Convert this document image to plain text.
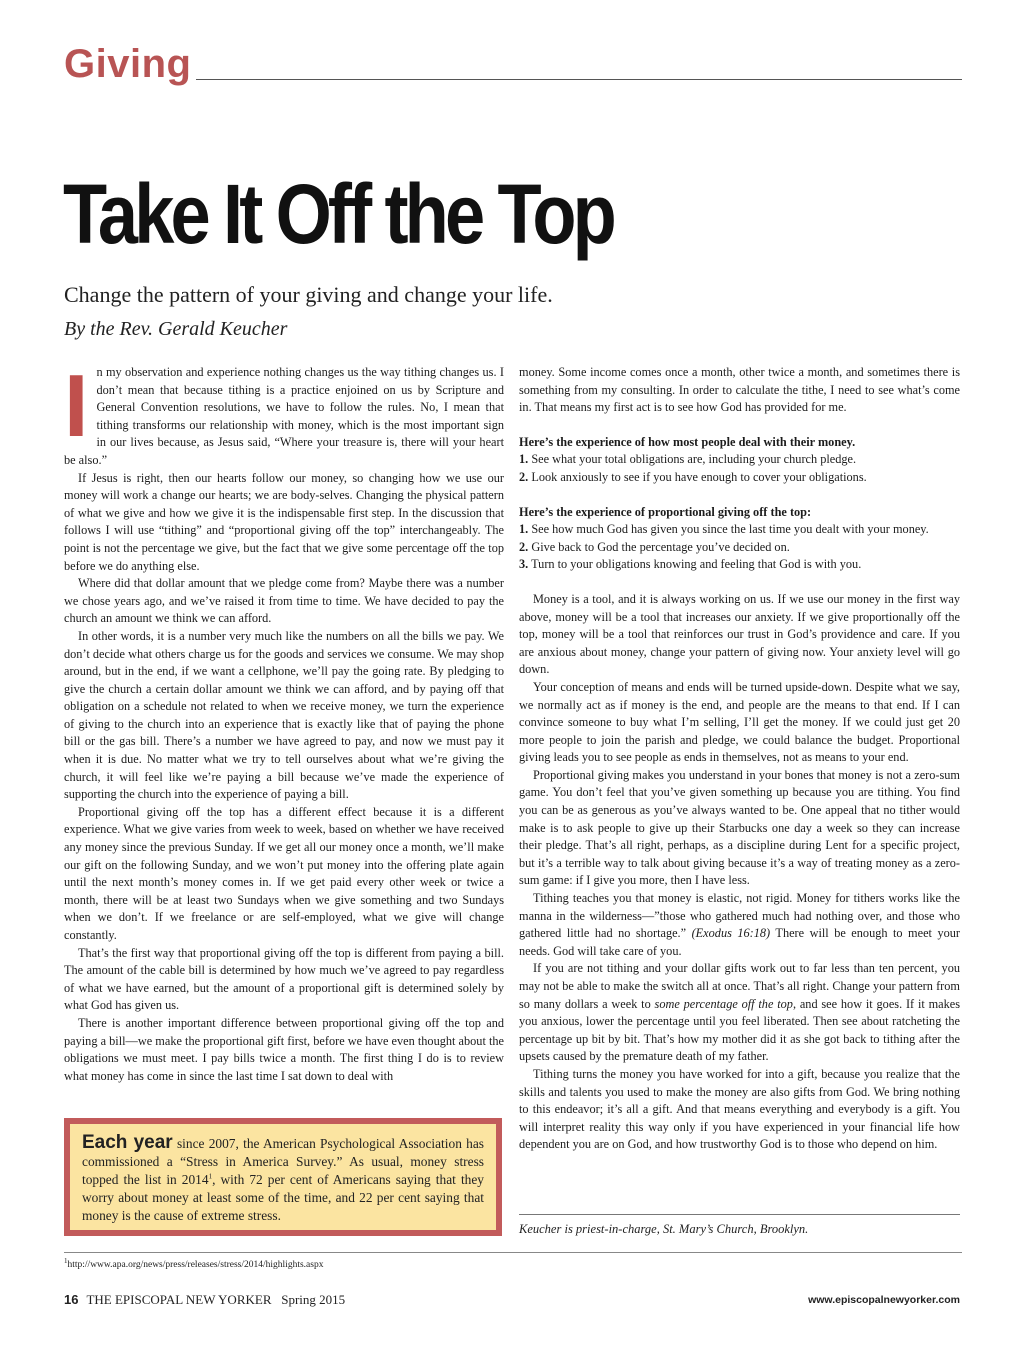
Giving
Take It Off the Top
Change the pattern of your giving and change your life.
By the Rev. Gerald Keucher

In my observation and experience nothing changes us the way tithing changes us. I don’t mean that because tithing is a practice enjoined on us by Scripture and General Convention resolutions, we have to follow the rules. No, I mean that tithing transforms our relationship with money, which is the most important sign in our lives because, as Jesus said, “Where your treasure is, there will your heart be also.”

If Jesus is right, then our hearts follow our money, so changing how we use our money will work a change our hearts; we are body-selves. Changing the physical pattern of what we give and how we give it is the indispensable first step. In the discussion that follows I will use “tithing” and “proportional giving off the top” interchangeably. The point is not the percentage we give, but the fact that we give some percentage off the top before we do anything else.

Where did that dollar amount that we pledge come from? Maybe there was a number we chose years ago, and we’ve raised it from time to time. We have decided to pay the church an amount we think we can afford.

In other words, it is a number very much like the numbers on all the bills we pay. We don’t decide what others charge us for the goods and services we consume. We may shop around, but in the end, if we want a cellphone, we’ll pay the going rate. By pledging to give the church a certain dollar amount we think we can afford, and by paying off that obligation on a schedule not related to when we receive money, we turn the experience of giving to the church into an experience that is exactly like that of paying the phone bill or the gas bill. There’s a number we have agreed to pay, and now we must pay it when it is due. No matter what we try to tell ourselves about what we’re giving the church, it will feel like we’re paying a bill because we’ve made the experience of supporting the church into the experience of paying a bill.

Proportional giving off the top has a different effect because it is a different experience. What we give varies from week to week, based on whether we have received any money since the previous Sunday. If we get all our money once a month, we’ll make our gift on the following Sunday, and we won’t put money into the offering plate again until the next month’s money comes in. If we get paid every other week or twice a month, there will be at least two Sundays when we give something and two Sundays when we don’t. If we freelance or are self-employed, what we give will change constantly.

That’s the first way that proportional giving off the top is different from paying a bill. The amount of the cable bill is determined by how much we’ve agreed to pay regardless of what we have earned, but the amount of a proportional gift is determined solely by what God has given us.

There is another important difference between proportional giving off the top and paying a bill—we make the proportional gift first, before we have even thought about the obligations we must meet. I pay bills twice a month. The first thing I do is to review what money has come in since the last time I sat down to deal with

money. Some income comes once a month, other twice a month, and sometimes there is something from my consulting. In order to calculate the tithe, I need to see what’s come in. That means my first act is to see how God has provided for me.

Here’s the experience of how most people deal with their money.

1. See what your total obligations are, including your church pledge.

2. Look anxiously to see if you have enough to cover your obligations.

Here’s the experience of proportional giving off the top:

1. See how much God has given you since the last time you dealt with your money.

2. Give back to God the percentage you’ve decided on.

3. Turn to your obligations knowing and feeling that God is with you.

Money is a tool, and it is always working on us. If we use our money in the first way above, money will be a tool that increases our anxiety. If we give proportionally off the top, money will be a tool that reinforces our trust in God’s providence and care. If you are anxious about money, change your pattern of giving now. Your anxiety level will go down.

Your conception of means and ends will be turned upside-down. Despite what we say, we normally act as if money is the end, and people are the means to that end. If I can convince someone to buy what I’m selling, I’ll get the money. If we could just get 20 more people to join the parish and pledge, we could balance the budget. Proportional giving leads you to see people as ends in themselves, not as means to your end.

Proportional giving makes you understand in your bones that money is not a zero-sum game. You don’t feel that you’ve given something up because you are tithing. You find you can be as generous as you’ve always wanted to be. One appeal that no tither would make is to ask people to give up their Starbucks one day a week so they can increase their pledge. That’s all right, perhaps, as a discipline during Lent for a specific project, but it’s a terrible way to talk about giving because it’s a way of treating money as a zero-sum game: if I give you more, then I have less.

Tithing teaches you that money is elastic, not rigid. Money for tithers works like the manna in the wilderness—”those who gathered much had nothing over, and those who gathered little had no shortage.” (Exodus 16:18) There will be enough to meet your needs. God will take care of you.

If you are not tithing and your dollar gifts work out to far less than ten percent, you may not be able to make the switch all at once. That’s all right. Change your pattern from so many dollars a week to some percentage off the top, and see how it goes. If it makes you anxious, lower the percentage until you feel liberated. Then see about ratcheting the percentage up bit by bit. That’s how my mother did it as she got back to tithing after the upsets caused by the premature death of my father.

Tithing turns the money you have worked for into a gift, because you realize that the skills and talents you used to make the money are also gifts from God. We bring nothing to this endeavor; it’s all a gift. And that means everything and everybody is a gift. You will interpret reality this way only if you have experienced in your financial life how dependent you are on God, and how trustworthy God is to those who depend on him.

Each year since 2007, the American Psychological Association has commissioned a “Stress in America Survey.” As usual, money stress topped the list in 2014$^1$, with 72 per cent of Americans saying that they worry about money at least some of the time, and 22 per cent saying that money is the cause of extreme stress.
Keucher is priest-in-charge, St. Mary’s Church, Brooklyn.
$^1$http://www.apa.org/news/press/releases/stress/2014/highlights.aspx
16 THE EPISCOPAL NEW YORKER   Spring 2015	www.episcopalnewyorker.com
